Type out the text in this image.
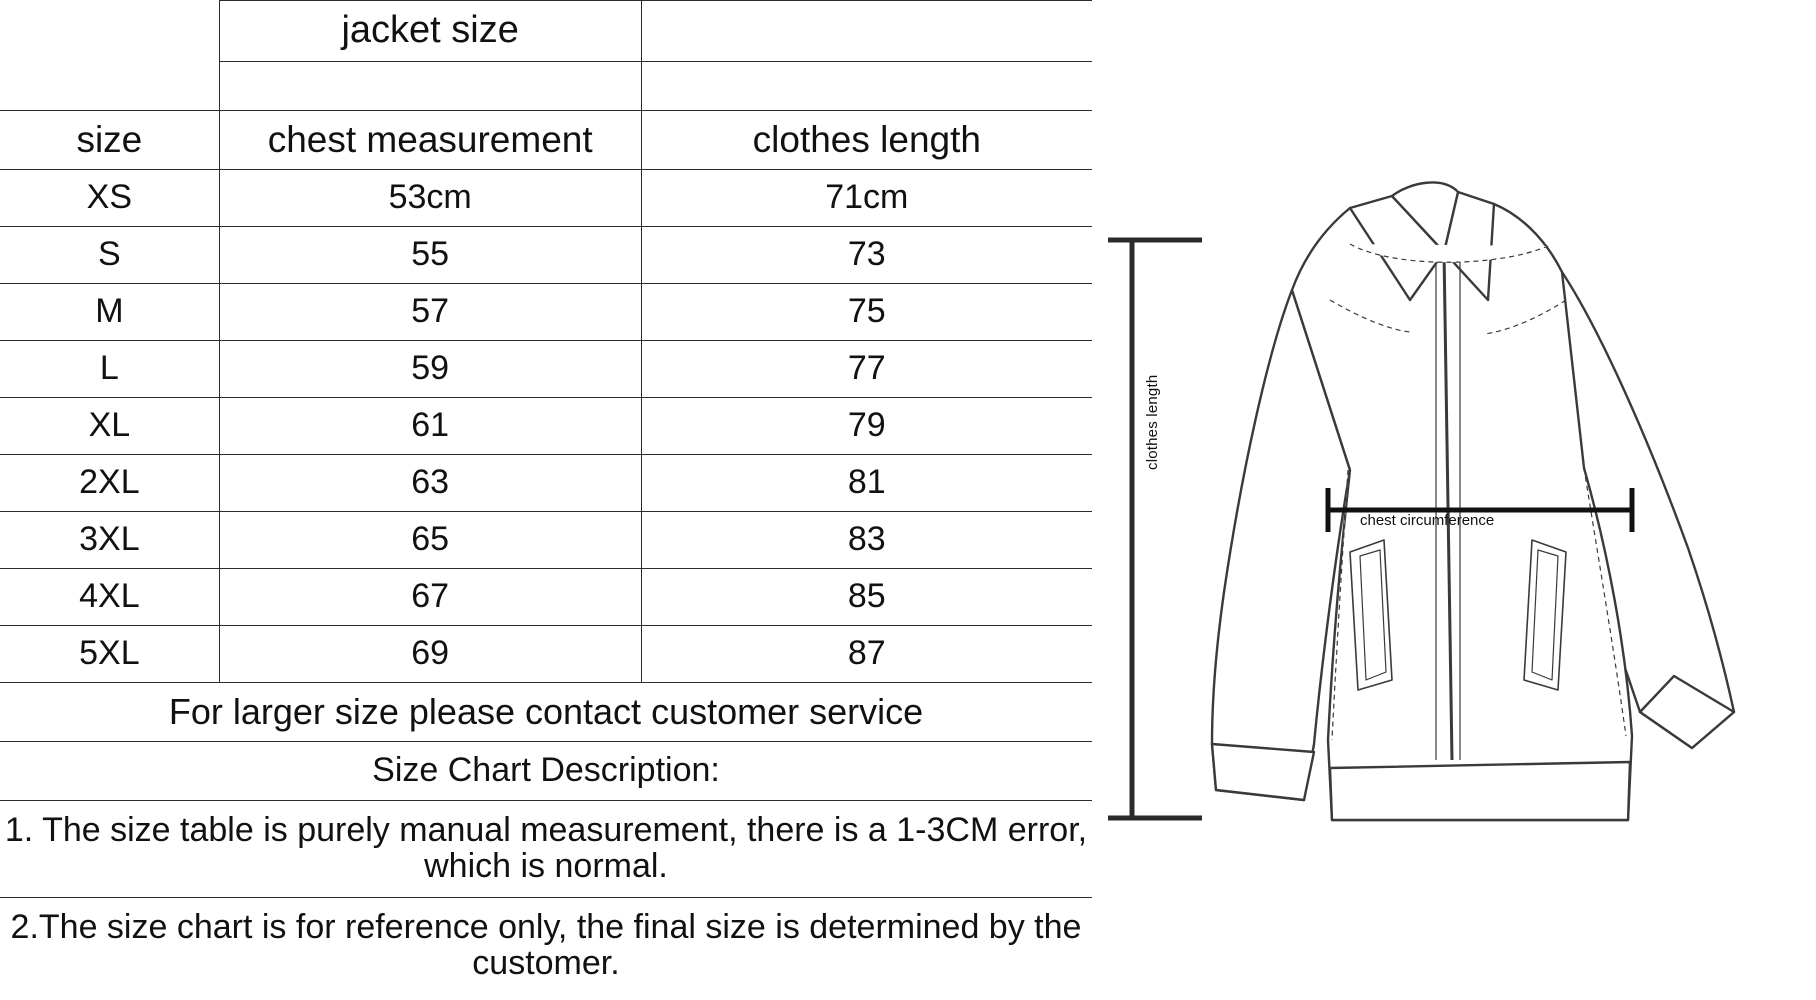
	jacket size	

size	chest measurement	clothes length
XS	53cm	71cm
S	55	73
M	57	75
L	59	77
XL	61	79
2XL	63	81
3XL	65	83
4XL	67	85
5XL	69	87
For larger size please contact customer service		
Size Chart Description:		
1. The size table is purely manual measurement, there is a 1-3CM error, which is normal.		
2.The size chart is for reference only, the final size is determined by the customer.		
clothes length
chest circumference
